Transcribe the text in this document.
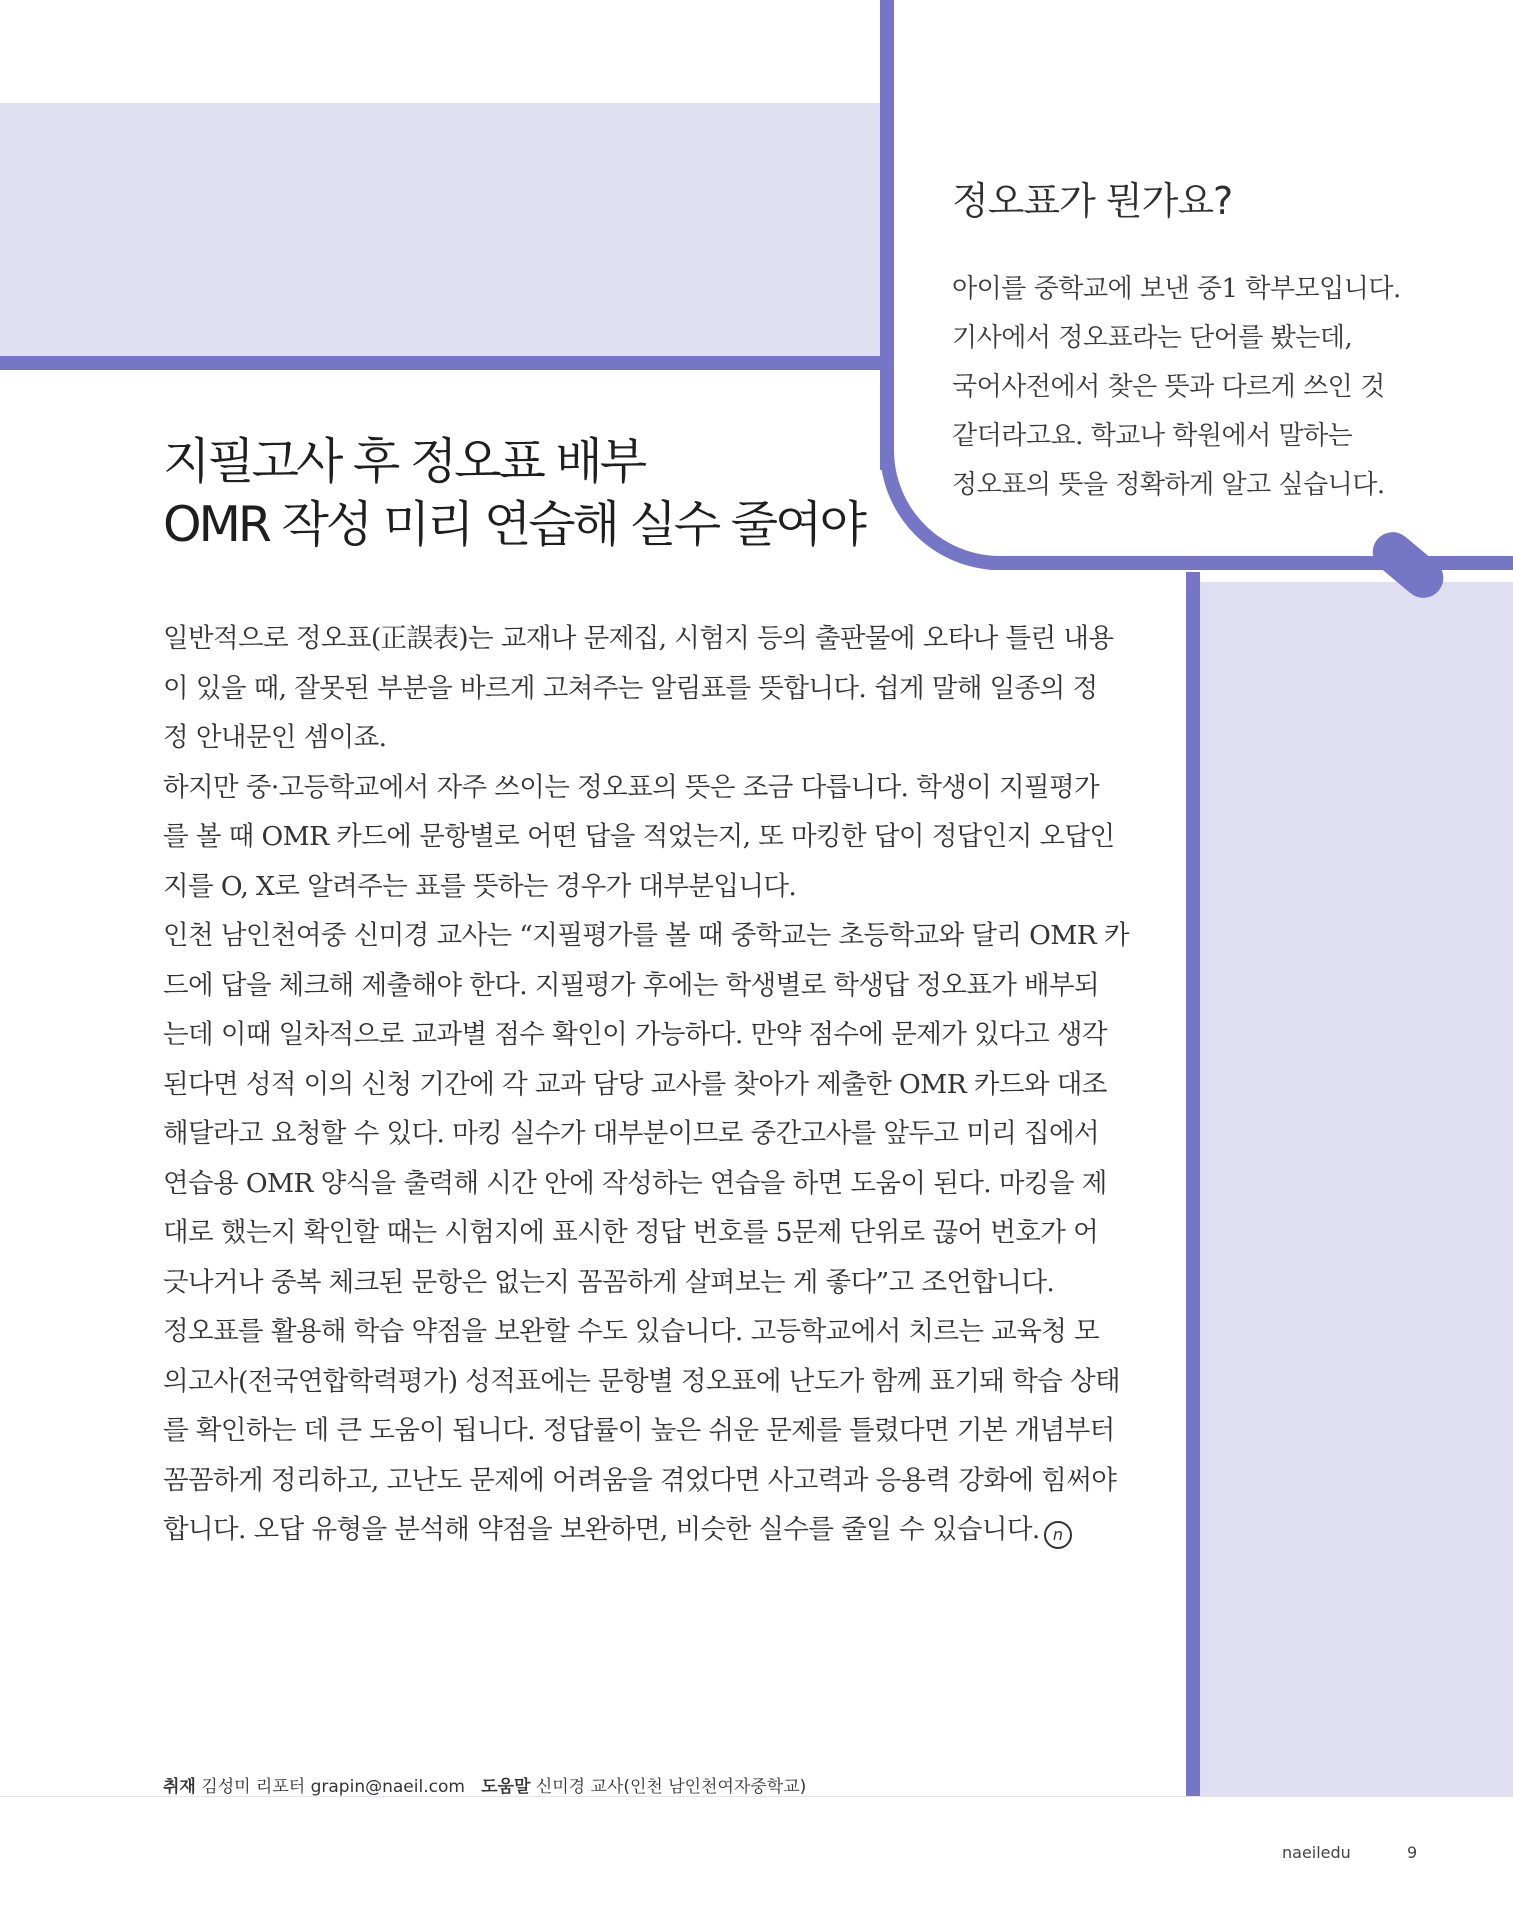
정오표가 뭔가요?
아이를 중학교에 보낸 중1 학부모입니다.
기사에서 정오표라는 단어를 봤는데,
국어사전에서 찾은 뜻과 다르게 쓰인 것
같더라고요. 학교나 학원에서 말하는
정오표의 뜻을 정확하게 알고 싶습니다.
지필고사 후 정오표 배부
OMR 작성 미리 연습해 실수 줄여야
일반적으로 정오표(正誤表)는 교재나 문제집, 시험지 등의 출판물에 오타나 틀린 내용
이 있을 때, 잘못된 부분을 바르게 고쳐주는 알림표를 뜻합니다. 쉽게 말해 일종의 정
정 안내문인 셈이죠.
하지만 중·고등학교에서 자주 쓰이는 정오표의 뜻은 조금 다릅니다. 학생이 지필평가
를 볼 때 OMR 카드에 문항별로 어떤 답을 적었는지, 또 마킹한 답이 정답인지 오답인
지를 O, X로 알려주는 표를 뜻하는 경우가 대부분입니다.
인천 남인천여중 신미경 교사는 “지필평가를 볼 때 중학교는 초등학교와 달리 OMR 카
드에 답을 체크해 제출해야 한다. 지필평가 후에는 학생별로 학생답 정오표가 배부되
는데 이때 일차적으로 교과별 점수 확인이 가능하다. 만약 점수에 문제가 있다고 생각
된다면 성적 이의 신청 기간에 각 교과 담당 교사를 찾아가 제출한 OMR 카드와 대조
해달라고 요청할 수 있다. 마킹 실수가 대부분이므로 중간고사를 앞두고 미리 집에서
연습용 OMR 양식을 출력해 시간 안에 작성하는 연습을 하면 도움이 된다. 마킹을 제
대로 했는지 확인할 때는 시험지에 표시한 정답 번호를 5문제 단위로 끊어 번호가 어
긋나거나 중복 체크된 문항은 없는지 꼼꼼하게 살펴보는 게 좋다”고 조언합니다.
정오표를 활용해 학습 약점을 보완할 수도 있습니다. 고등학교에서 치르는 교육청 모
의고사(전국연합학력평가) 성적표에는 문항별 정오표에 난도가 함께 표기돼 학습 상태
를 확인하는 데 큰 도움이 됩니다. 정답률이 높은 쉬운 문제를 틀렸다면 기본 개념부터
꼼꼼하게 정리하고, 고난도 문제에 어려움을 겪었다면 사고력과 응용력 강화에 힘써야
합니다. 오답 유형을 분석해 약점을 보완하면, 비슷한 실수를 줄일 수 있습니다. n
취재 김성미 리포터 grapin@naeil.com 도움말 신미경 교사(인천 남인천여자중학교)
naeiledu	9
